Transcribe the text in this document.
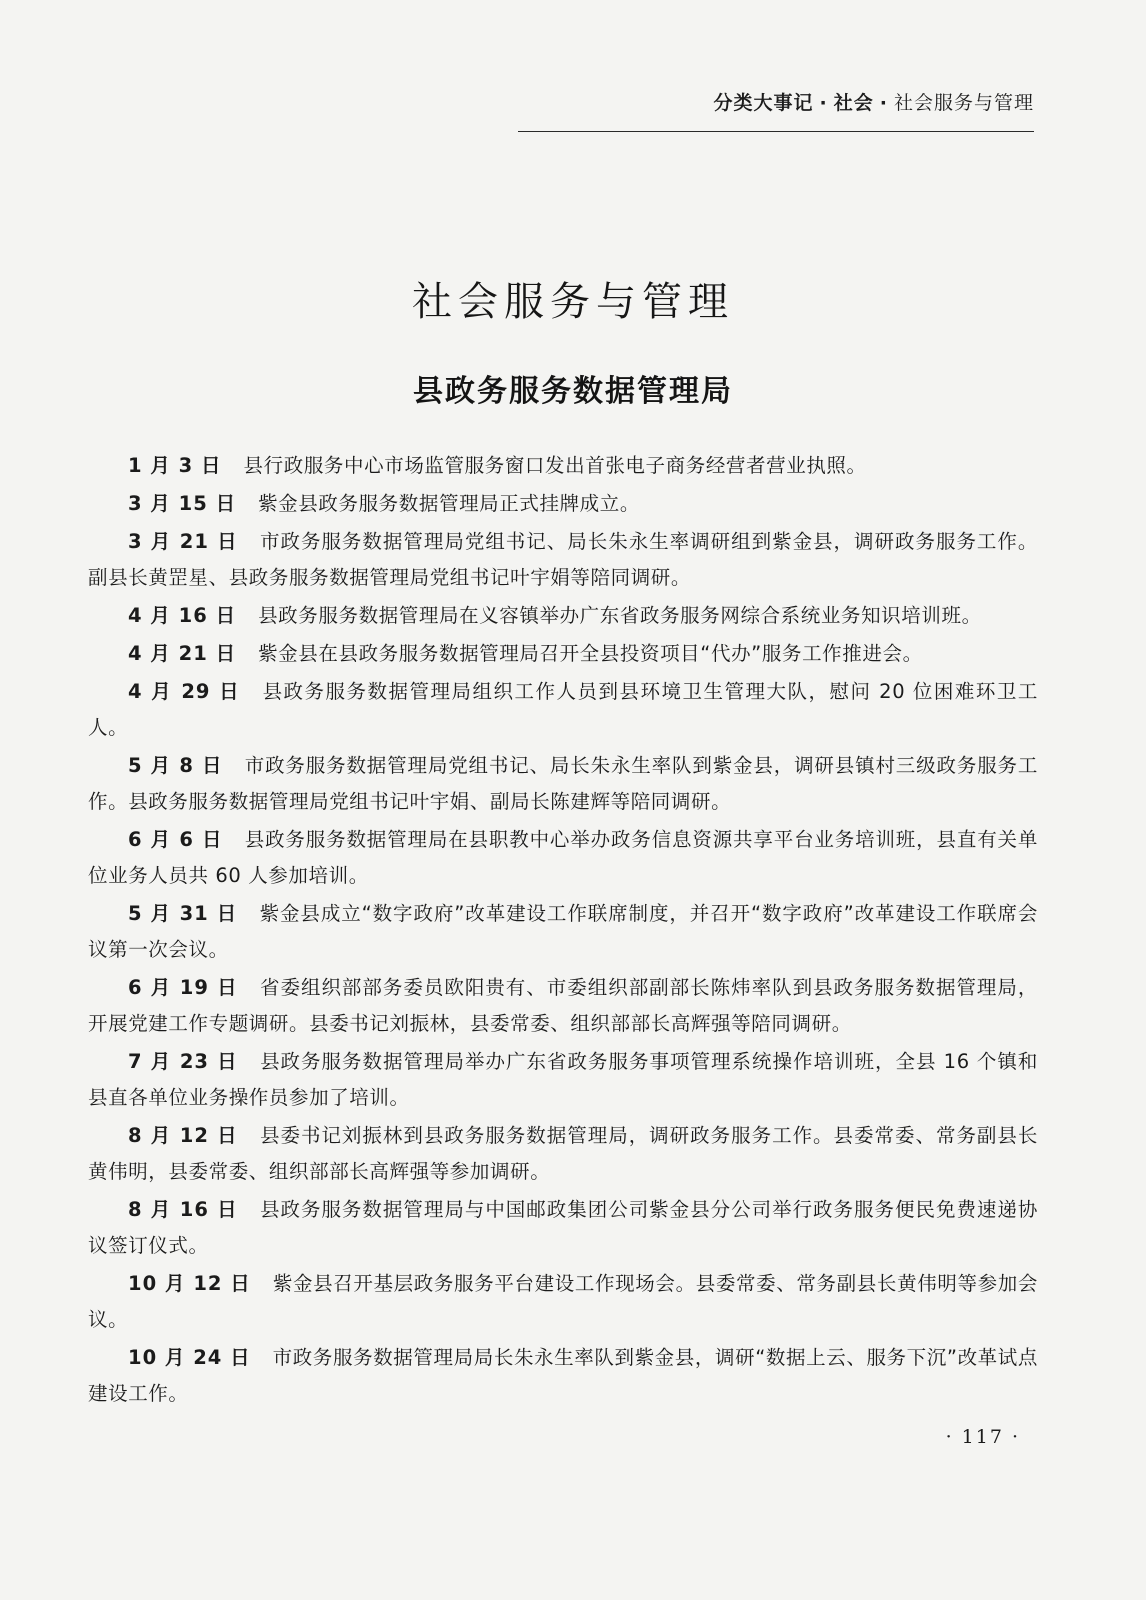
分类大事记 · 社会 · 社会服务与管理
社会服务与管理
县政务服务数据管理局

1 月 3 日 县行政服务中心市场监管服务窗口发出首张电子商务经营者营业执照。

3 月 15 日 紫金县政务服务数据管理局正式挂牌成立。

3 月 21 日 市政务服务数据管理局党组书记、局长朱永生率调研组到紫金县，调研政务服务工作。副县长黄罡星、县政务服务数据管理局党组书记叶宇娟等陪同调研。

4 月 16 日 县政务服务数据管理局在义容镇举办广东省政务服务网综合系统业务知识培训班。

4 月 21 日 紫金县在县政务服务数据管理局召开全县投资项目“代办”服务工作推进会。

4 月 29 日 县政务服务数据管理局组织工作人员到县环境卫生管理大队，慰问 20 位困难环卫工人。

5 月 8 日 市政务服务数据管理局党组书记、局长朱永生率队到紫金县，调研县镇村三级政务服务工作。县政务服务数据管理局党组书记叶宇娟、副局长陈建辉等陪同调研。

6 月 6 日 县政务服务数据管理局在县职教中心举办政务信息资源共享平台业务培训班，县直有关单位业务人员共 60 人参加培训。

5 月 31 日 紫金县成立“数字政府”改革建设工作联席制度，并召开“数字政府”改革建设工作联席会议第一次会议。

6 月 19 日 省委组织部部务委员欧阳贵有、市委组织部副部长陈炜率队到县政务服务数据管理局，开展党建工作专题调研。县委书记刘振林，县委常委、组织部部长高辉强等陪同调研。

7 月 23 日 县政务服务数据管理局举办广东省政务服务事项管理系统操作培训班，全县 16 个镇和县直各单位业务操作员参加了培训。

8 月 12 日 县委书记刘振林到县政务服务数据管理局，调研政务服务工作。县委常委、常务副县长黄伟明，县委常委、组织部部长高辉强等参加调研。

8 月 16 日 县政务服务数据管理局与中国邮政集团公司紫金县分公司举行政务服务便民免费速递协议签订仪式。

10 月 12 日 紫金县召开基层政务服务平台建设工作现场会。县委常委、常务副县长黄伟明等参加会议。

10 月 24 日 市政务服务数据管理局局长朱永生率队到紫金县，调研“数据上云、服务下沉”改革试点建设工作。

· 117 ·
